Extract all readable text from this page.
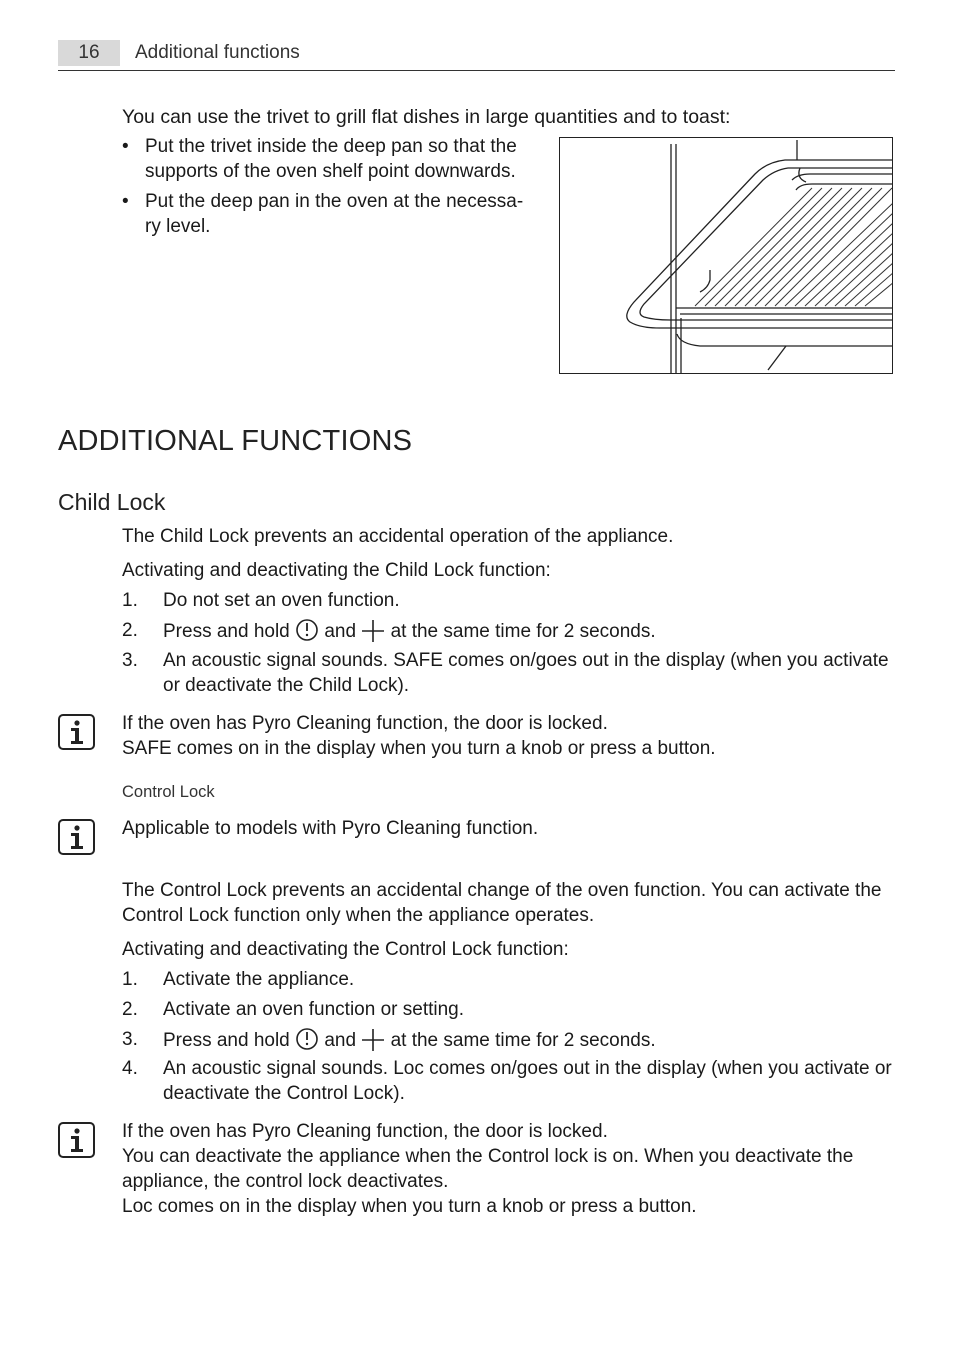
16	Additional functions
You can use the trivet to grill flat dishes in large quantities and to toast:
• Put the trivet inside the deep pan so that the
supports of the oven shelf point downwards.
• Put the deep pan in the oven at the necessa-
ry level.
ADDITIONAL FUNCTIONS
Child Lock
The Child Lock prevents an accidental operation of the appliance.
Activating and deactivating the Child Lock function:
1. Do not set an oven function.
2. Press and hold and at the same time for 2 seconds.
3. An acoustic signal sounds. SAFE comes on/goes out in the display (when you activate
or deactivate the Child Lock).
If the oven has Pyro Cleaning function, the door is locked.
SAFE comes on in the display when you turn a knob or press a button.
Control Lock
Applicable to models with Pyro Cleaning function.
The Control Lock prevents an accidental change of the oven function. You can activate the
Control Lock function only when the appliance operates.
Activating and deactivating the Control Lock function:
1. Activate the appliance.
2. Activate an oven function or setting.
3. Press and hold and at the same time for 2 seconds.
4. An acoustic signal sounds. Loc comes on/goes out in the display (when you activate or
deactivate the Control Lock).
If the oven has Pyro Cleaning function, the door is locked.
You can deactivate the appliance when the Control lock is on. When you deactivate the
appliance, the control lock deactivates.
Loc comes on in the display when you turn a knob or press a button.
